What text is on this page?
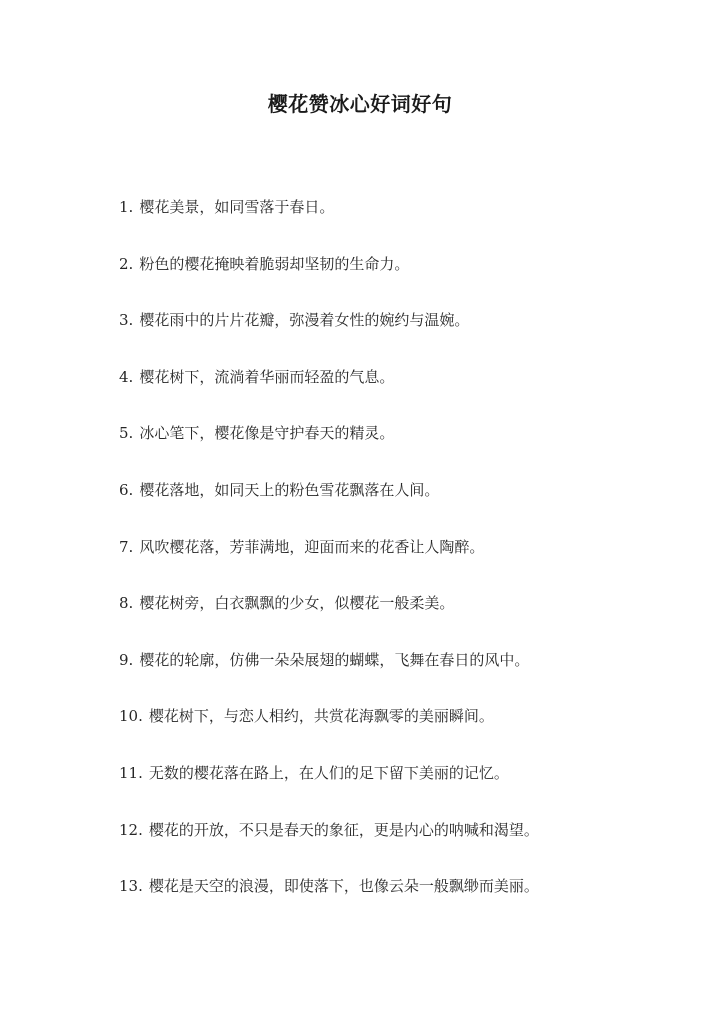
樱花赞冰心好词好句
1. 樱花美景，如同雪落于春日。
2. 粉色的樱花掩映着脆弱却坚韧的生命力。
3. 樱花雨中的片片花瓣，弥漫着女性的婉约与温婉。
4. 樱花树下，流淌着华丽而轻盈的气息。
5. 冰心笔下，樱花像是守护春天的精灵。
6. 樱花落地，如同天上的粉色雪花飘落在人间。
7. 风吹樱花落，芳菲满地，迎面而来的花香让人陶醉。
8. 樱花树旁，白衣飘飘的少女，似樱花一般柔美。
9. 樱花的轮廓，仿佛一朵朵展翅的蝴蝶，飞舞在春日的风中。
10. 樱花树下，与恋人相约，共赏花海飘零的美丽瞬间。
11. 无数的樱花落在路上，在人们的足下留下美丽的记忆。
12. 樱花的开放，不只是春天的象征，更是内心的呐喊和渴望。
13. 樱花是天空的浪漫，即使落下，也像云朵一般飘缈而美丽。
